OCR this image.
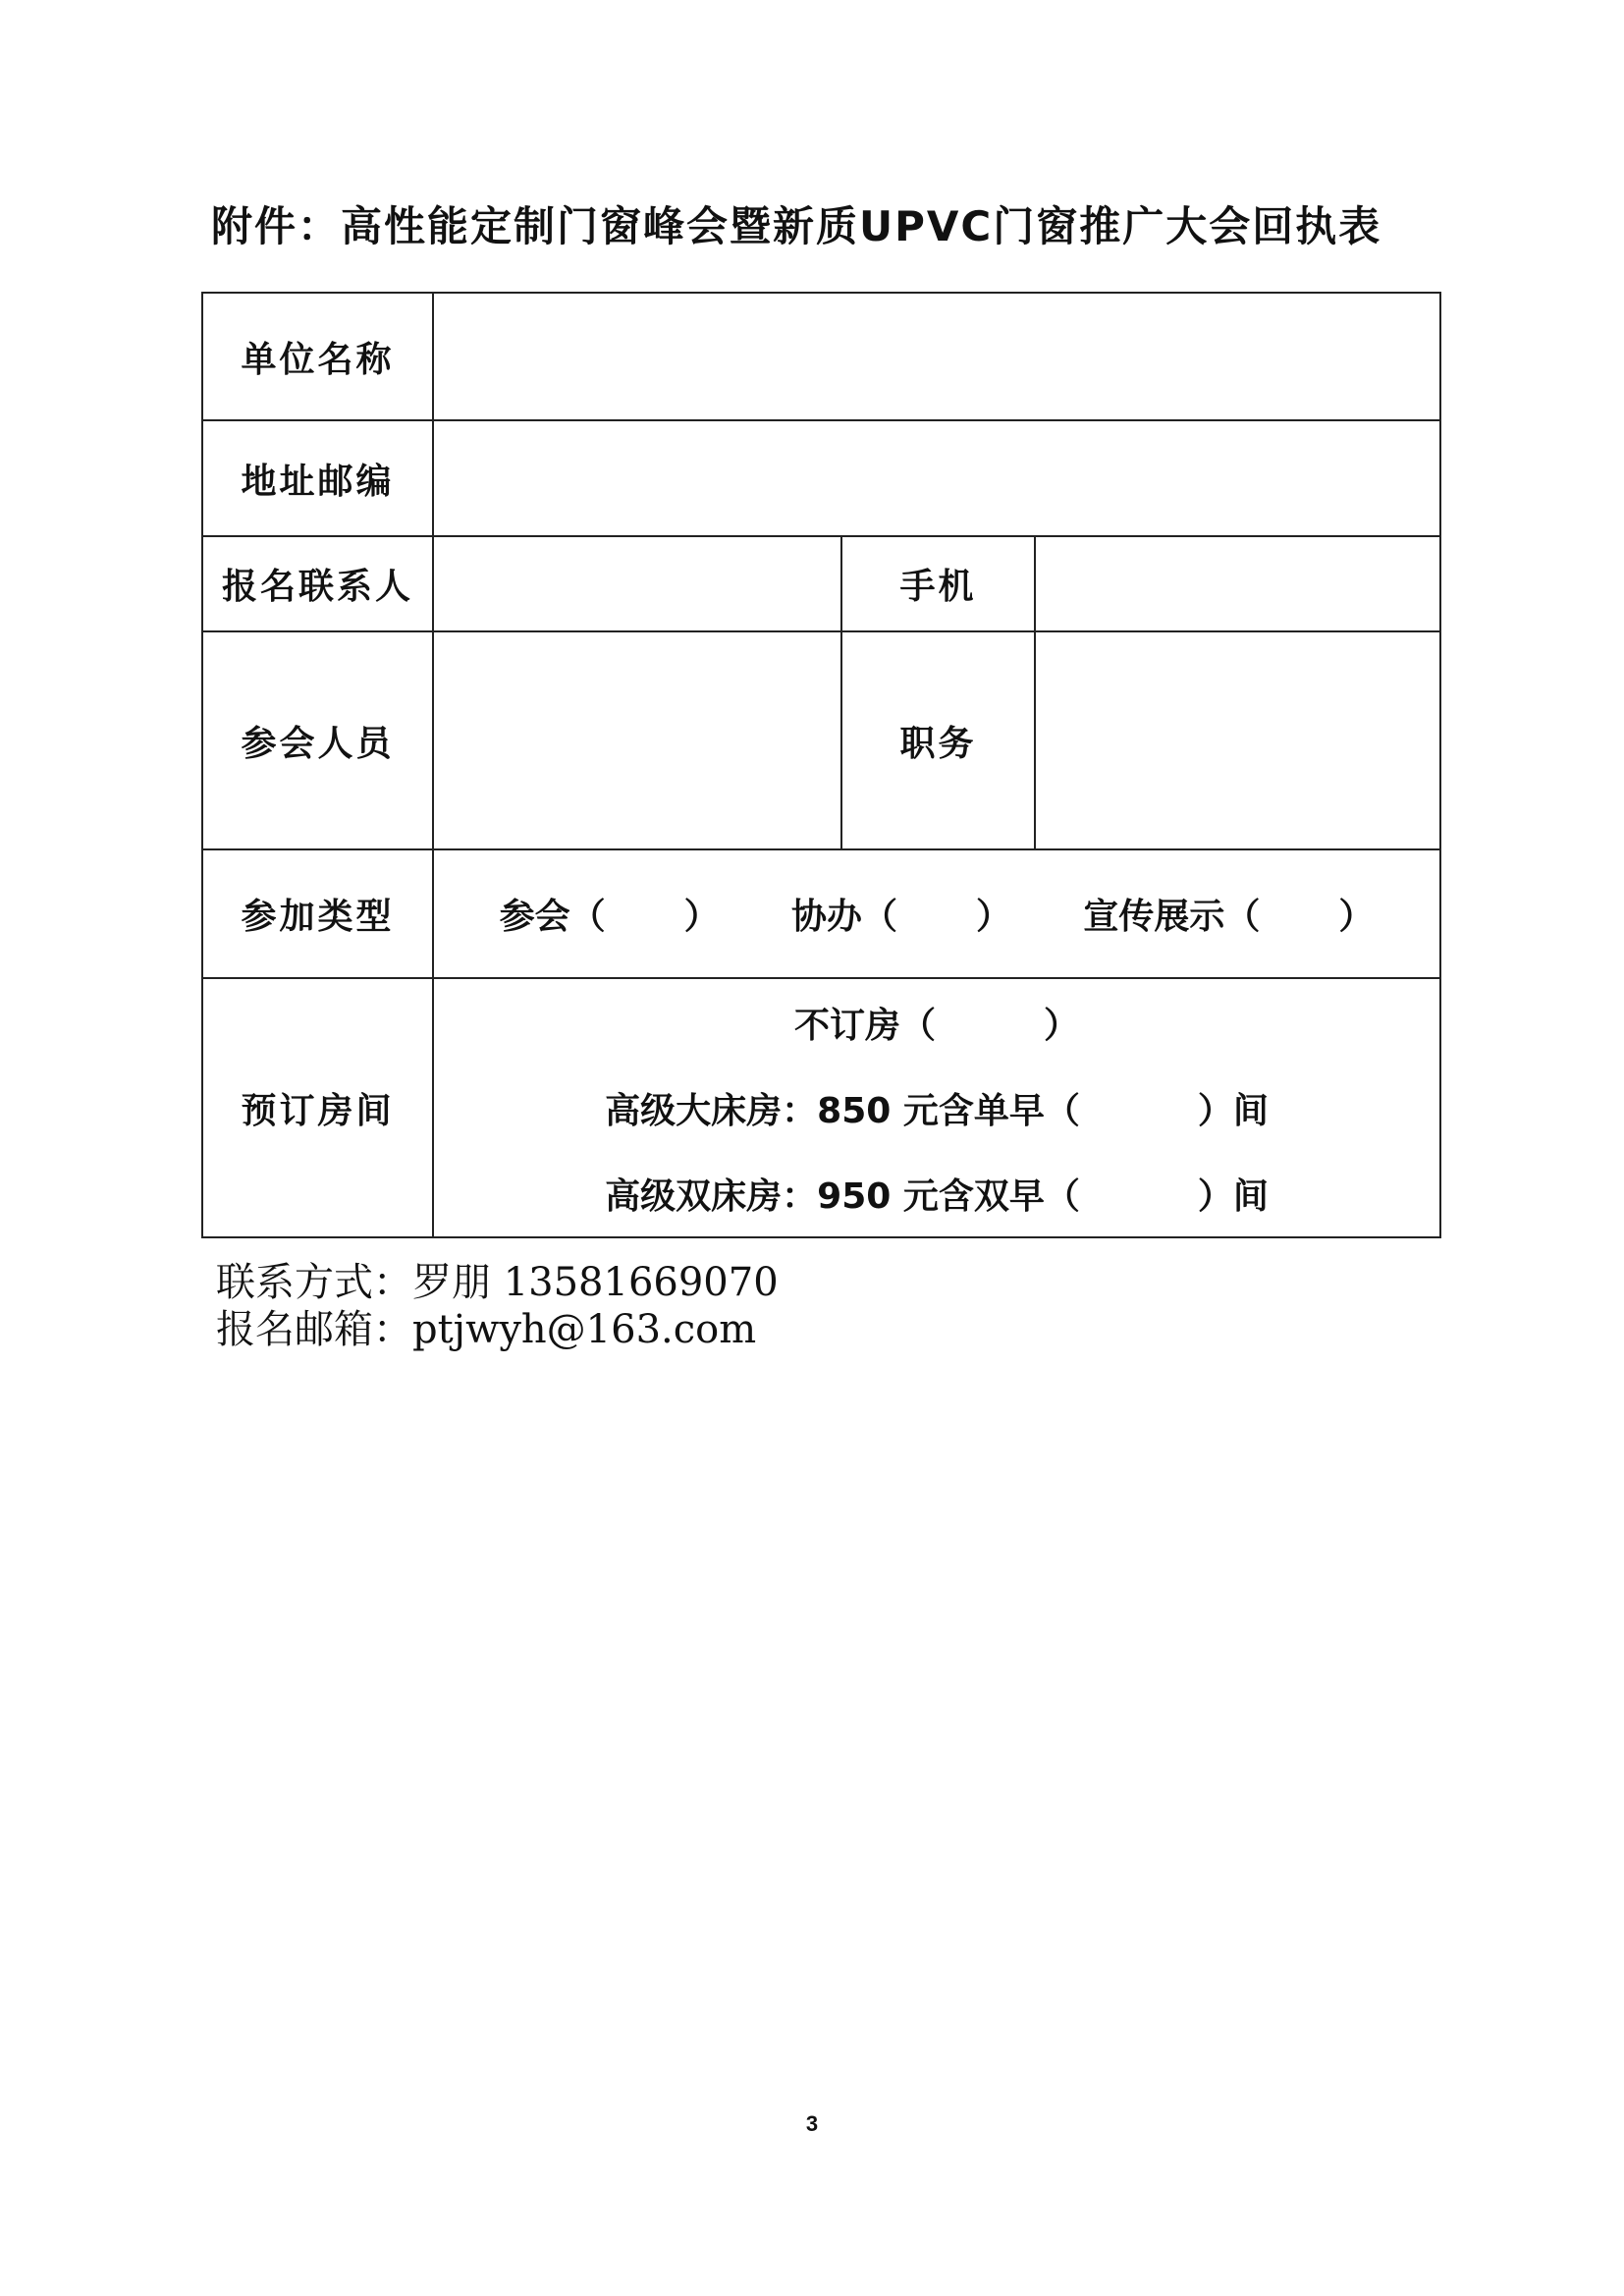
附件：高性能定制门窗峰会暨新质UPVC门窗推广大会回执表
单位名称			
地址邮编			
报名联系人		手机	
参会人员		职务	
参加类型	参会（ ） 协办（ ） 宣传展示（ ）		

预订房间	不订房（ ）
高级大床房：850 元含单早（ ）间
高级双床房：950 元含双早（ ）间		
联系方式：罗朋 13581669070
报名邮箱：ptjwyh@163.com
3
